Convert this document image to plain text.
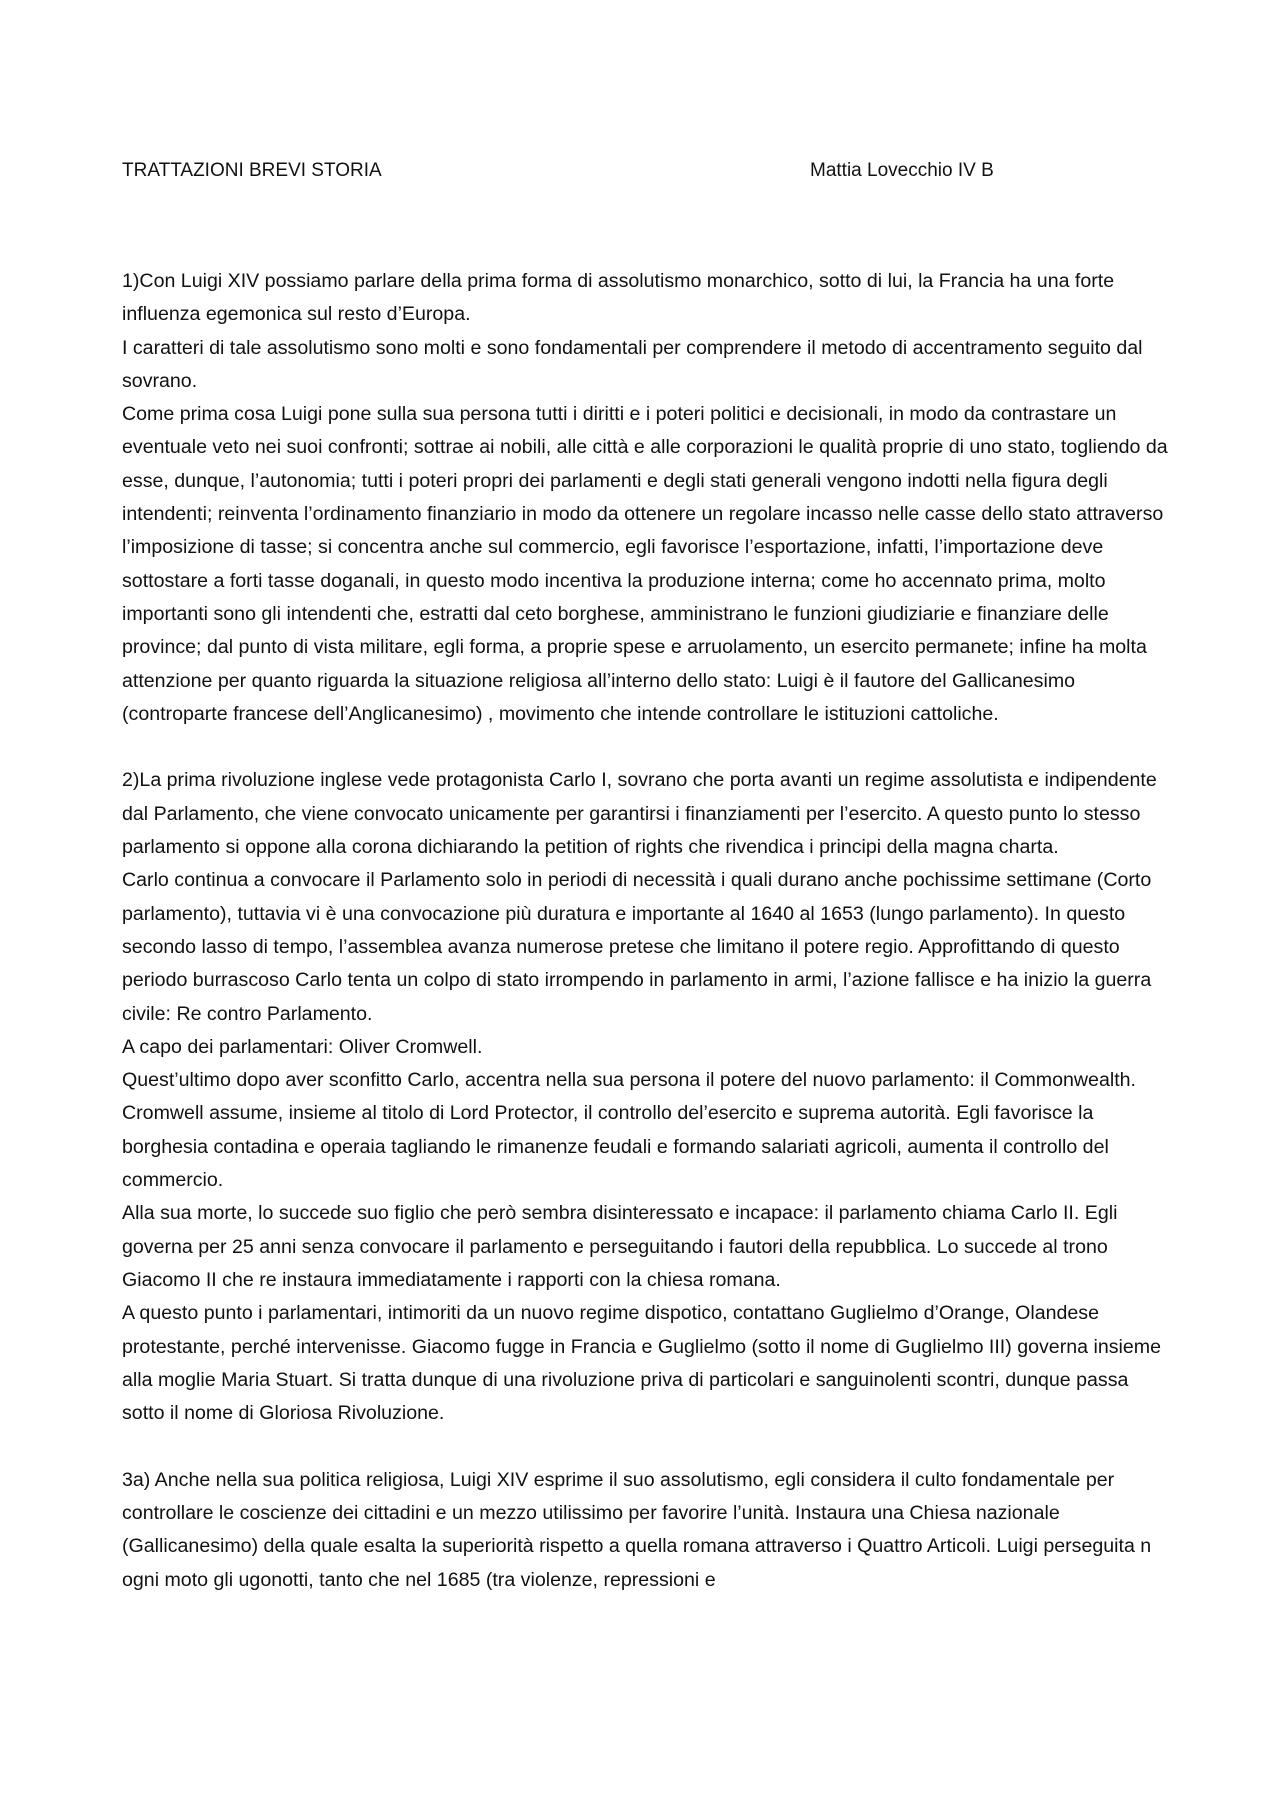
TRATTAZIONI BREVI STORIA	Mattia Lovecchio IV B

1)Con Luigi XIV possiamo parlare della prima forma di assolutismo monarchico, sotto di lui, la Francia ha una forte influenza egemonica sul resto d’Europa.

I caratteri di tale assolutismo sono molti e sono fondamentali per comprendere il metodo di accentramento seguito dal sovrano.

Come prima cosa Luigi pone sulla sua persona tutti i diritti e i poteri politici e decisionali, in modo da contrastare un eventuale veto nei suoi confronti; sottrae ai nobili, alle città e alle corporazioni le qualità proprie di uno stato, togliendo da esse, dunque, l’autonomia; tutti i poteri propri dei parlamenti e degli stati generali vengono indotti nella figura degli intendenti; reinventa l’ordinamento finanziario in modo da ottenere un regolare incasso nelle casse dello stato attraverso l’imposizione di tasse; si concentra anche sul commercio, egli favorisce l’esportazione, infatti, l’importazione deve sottostare a forti tasse doganali, in questo modo incentiva la produzione interna; come ho accennato prima, molto importanti sono gli intendenti che, estratti dal ceto borghese, amministrano le funzioni giudiziarie e finanziare delle province; dal punto di vista militare, egli forma, a proprie spese e arruolamento, un esercito permanete; infine ha molta attenzione per quanto riguarda la situazione religiosa all’interno dello stato: Luigi è il fautore del Gallicanesimo (controparte francese dell’Anglicanesimo) , movimento che intende controllare le istituzioni cattoliche.

2)La prima rivoluzione inglese vede protagonista Carlo I, sovrano che porta avanti un regime assolutista e indipendente dal Parlamento, che viene convocato unicamente per garantirsi i finanziamenti per l’esercito. A questo punto lo stesso parlamento si oppone alla corona dichiarando la petition of rights che rivendica i principi della magna charta.

Carlo continua a convocare il Parlamento solo in periodi di necessità i quali durano anche pochissime settimane (Corto parlamento), tuttavia vi è una convocazione più duratura e importante al 1640 al 1653 (lungo parlamento). In questo secondo lasso di tempo, l’assemblea avanza numerose pretese che limitano il potere regio. Approfittando di questo periodo burrascoso Carlo tenta un colpo di stato irrompendo in parlamento in armi, l’azione fallisce e ha inizio la guerra civile: Re contro Parlamento.

A capo dei parlamentari: Oliver Cromwell.

Quest’ultimo dopo aver sconfitto Carlo, accentra nella sua persona il potere del nuovo parlamento: il Commonwealth. Cromwell assume, insieme al titolo di Lord Protector, il controllo del’esercito e suprema autorità. Egli favorisce la borghesia contadina e operaia tagliando le rimanenze feudali e formando salariati agricoli, aumenta il controllo del commercio.

Alla sua morte, lo succede suo figlio che però sembra disinteressato e incapace: il parlamento chiama Carlo II. Egli governa per 25 anni senza convocare il parlamento e perseguitando i fautori della repubblica. Lo succede al trono Giacomo II che re instaura immediatamente i rapporti con la chiesa romana.

A questo punto i parlamentari, intimoriti da un nuovo regime dispotico, contattano Guglielmo d’Orange, Olandese protestante, perché intervenisse. Giacomo fugge in Francia e Guglielmo (sotto il nome di Guglielmo III) governa insieme alla moglie Maria Stuart. Si tratta dunque di una rivoluzione priva di particolari e sanguinolenti scontri, dunque passa sotto il nome di Gloriosa Rivoluzione.

3a) Anche nella sua politica religiosa, Luigi XIV esprime il suo assolutismo, egli considera il culto fondamentale per controllare le coscienze dei cittadini e un mezzo utilissimo per favorire l’unità. Instaura una Chiesa nazionale (Gallicanesimo) della quale esalta la superiorità rispetto a quella romana attraverso i Quattro Articoli. Luigi perseguita n ogni moto gli ugonotti, tanto che nel 1685 (tra violenze, repressioni e
